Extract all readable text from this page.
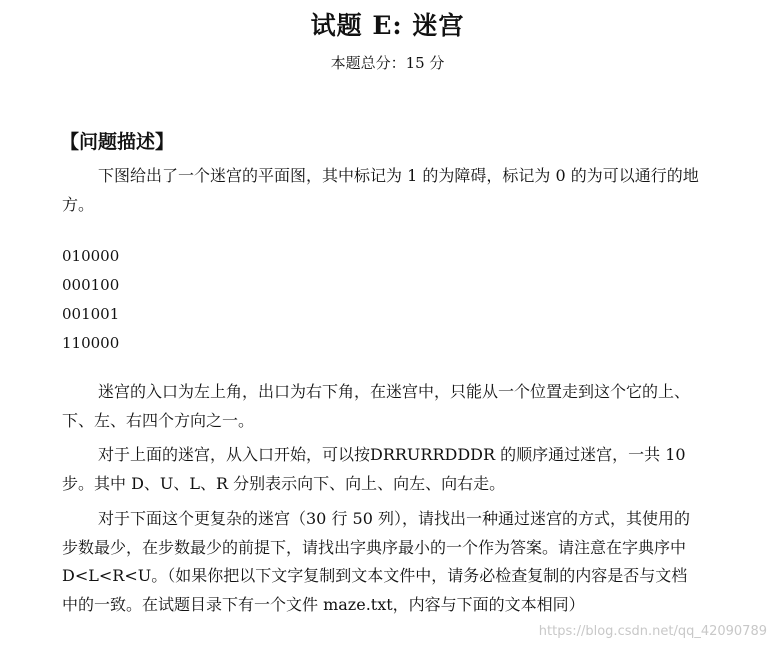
试题 E: 迷宫
本题总分：15 分
【问题描述】

下图给出了一个迷宫的平面图，其中标记为 1 的为障碍，标记为 0 的为可以通行的地方。

010000
000100
001001
110000

迷宫的入口为左上角，出口为右下角，在迷宫中，只能从一个位置走到这个它的上、下、左、右四个方向之一。

对于上面的迷宫，从入口开始，可以按DRRURRDDDR 的顺序通过迷宫，一共 10 步。其中 D、U、L、R 分别表示向下、向上、向左、向右走。

对于下面这个更复杂的迷宫（30 行 50 列），请找出一种通过迷宫的方式，其使用的步数最少，在步数最少的前提下，请找出字典序最小的一个作为答案。请注意在字典序中D<L<R<U。（如果你把以下文字复制到文本文件中，请务必检查复制的内容是否与文档中的一致。在试题目录下有一个文件 maze.txt，内容与下面的文本相同）

https://blog.csdn.net/qq_42090789
